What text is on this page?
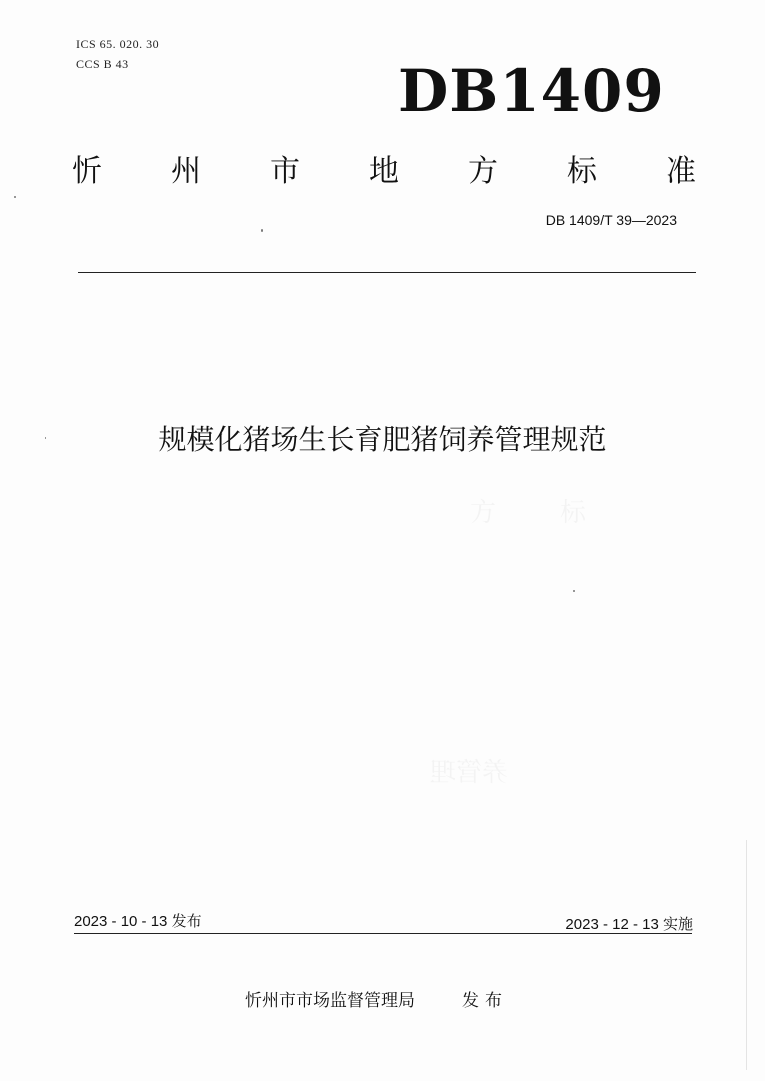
ICS 65. 020. 30
CCS B 43	DB1409
忻 州 市 地 方 标 准
DB 1409/T 39—2023
规模化猪场生长育肥猪饲养管理规范
2023 - 10 - 13 发布	2023 - 12 - 13 实施
忻州市市场监督管理局	发布
